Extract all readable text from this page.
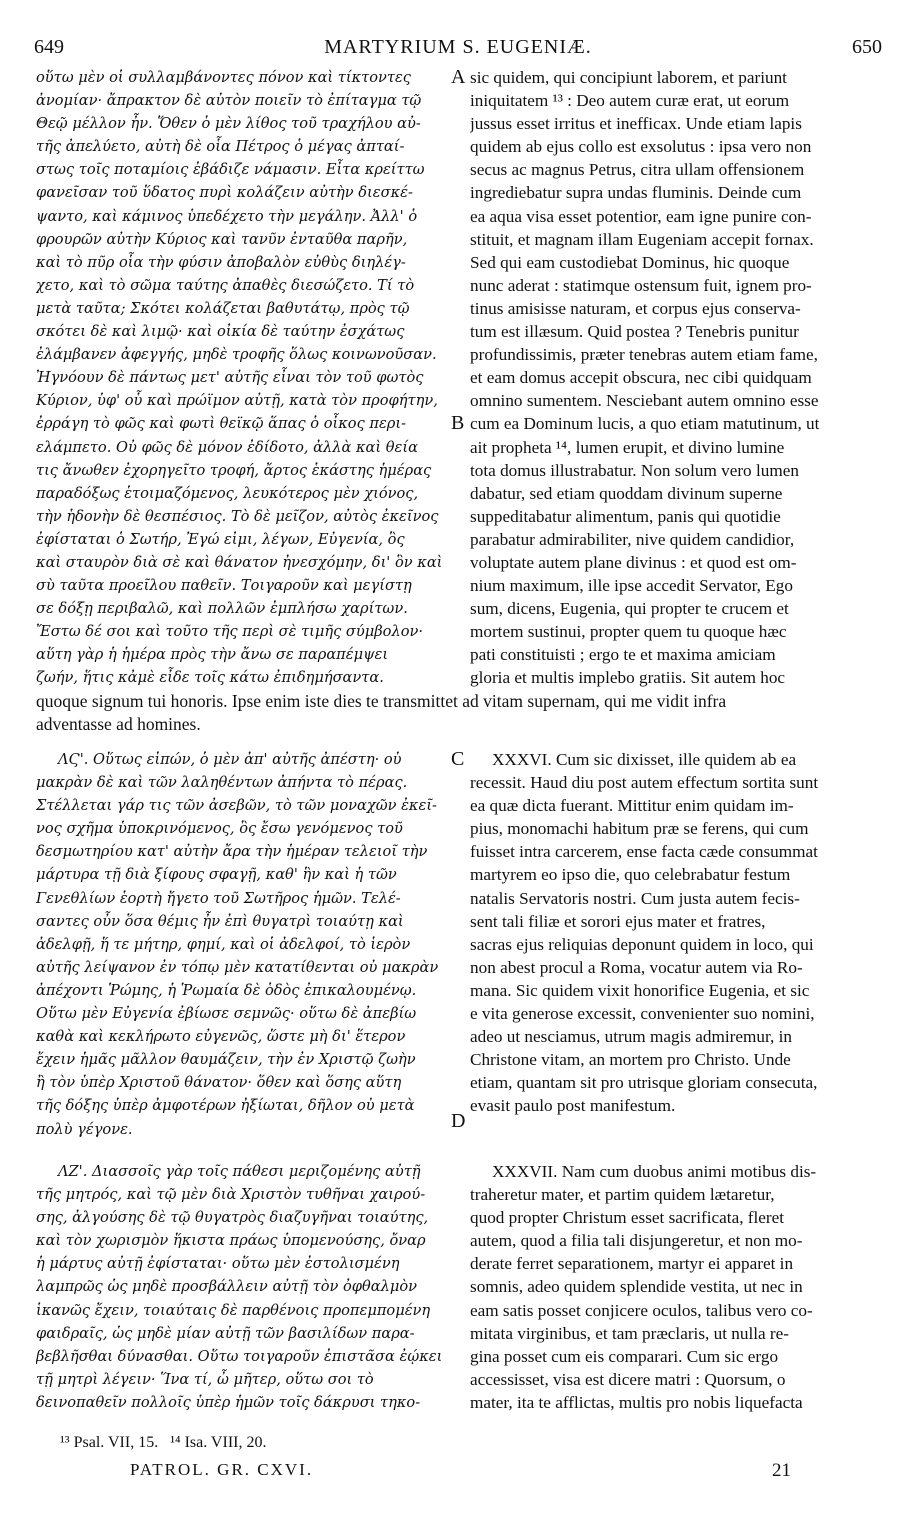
649	MARTYRIUM S. EUGENIÆ.	650
οὕτω μὲν οἱ συλλαμβάνοντες πόνον καὶ τίκτοντες
ἀνομίαν· ἄπρακτον δὲ αὐτὸν ποιεῖν τὸ ἐπίταγμα τῷ
Θεῷ μέλλον ἦν. Ὅθεν ὁ μὲν λίθος τοῦ τραχήλου αὐ-
τῆς ἀπελύετο, αὐτὴ δὲ οἷα Πέτρος ὁ μέγας ἀπταί-
στως τοῖς ποταμίοις ἐβάδιζε νάμασιν. Εἶτα κρείττω
φανεῖσαν τοῦ ὕδατος πυρὶ κολάζειν αὐτὴν διεσκέ-
ψαντο, καὶ κάμινος ὑπεδέχετο τὴν μεγάλην. Ἀλλ' ὁ
φρουρῶν αὐτὴν Κύριος καὶ τανῦν ἐνταῦθα παρῆν,
καὶ τὸ πῦρ οἷα τὴν φύσιν ἀποβαλὸν εὐθὺς διηλέγ-
χετο, καὶ τὸ σῶμα ταύτης ἀπαθὲς διεσώζετο. Τί τὸ
μετὰ ταῦτα; Σκότει κολάζεται βαθυτάτῳ, πρὸς τῷ
σκότει δὲ καὶ λιμῷ· καὶ οἰκία δὲ ταύτην ἐσχάτως
ἐλάμβανεν ἀφεγγής, μηδὲ τροφῆς ὅλως κοινωνοῦσαν.
Ἠγνόουν δὲ πάντως μετ' αὐτῆς εἶναι τὸν τοῦ φωτὸς
Κύριον, ὑφ' οὗ καὶ πρώϊμον αὐτῇ, κατὰ τὸν προφήτην,
ἐρράγη τὸ φῶς καὶ φωτὶ θεϊκῷ ἅπας ὁ οἶκος περι-
ελάμπετο. Οὐ φῶς δὲ μόνον ἐδίδοτο, ἀλλὰ καὶ θεία
τις ἄνωθεν ἐχορηγεῖτο τροφή, ἄρτος ἑκάστης ἡμέρας
παραδόξως ἑτοιμαζόμενος, λευκότερος μὲν χιόνος,
τὴν ἡδονὴν δὲ θεσπέσιος. Τὸ δὲ μεῖζον, αὐτὸς ἐκεῖνος
ἐφίσταται ὁ Σωτήρ, Ἐγώ εἰμι, λέγων, Εὐγενία, ὃς
καὶ σταυρὸν διὰ σὲ καὶ θάνατον ἠνεσχόμην, δι' ὃν καὶ
σὺ ταῦτα προεῖλου παθεῖν. Τοιγαροῦν καὶ μεγίστῃ
σε δόξῃ περιβαλῶ, καὶ πολλῶν ἐμπλήσω χαρίτων.
Ἔστω δέ σοι καὶ τοῦτο τῆς περὶ σὲ τιμῆς σύμβολον·
αὕτη γὰρ ἡ ἡμέρα πρὸς τὴν ἄνω σε παραπέμψει
ζωήν, ἥτις κἀμὲ εἶδε τοῖς κάτω ἐπιδημήσαντα.
sic quidem, qui concipiunt laborem, et pariunt
iniquitatem ¹³ : Deo autem curæ erat, ut eorum
jussus esset irritus et inefficax. Unde etiam lapis
quidem ab ejus collo est exsolutus : ipsa vero non
secus ac magnus Petrus, citra ullam offensionem
ingrediebatur supra undas fluminis. Deinde cum
ea aqua visa esset potentior, eam igne punire con-
stituit, et magnam illam Eugeniam accepit fornax.
Sed qui eam custodiebat Dominus, hic quoque
nunc aderat : statimque ostensum fuit, ignem pro-
tinus amisisse naturam, et corpus ejus conserva-
tum est illæsum. Quid postea ? Tenebris punitur
profundissimis, præter tenebras autem etiam fame,
et eam domus accepit obscura, nec cibi quidquam
omnino sumentem. Nesciebant autem omnino esse
cum ea Dominum lucis, a quo etiam matutinum, ut
ait propheta ¹⁴, lumen erupit, et divino lumine
tota domus illustrabatur. Non solum vero lumen
dabatur, sed etiam quoddam divinum superne
suppeditabatur alimentum, panis qui quotidie
parabatur admirabiliter, nive quidem candidior,
voluptate autem plane divinus : et quod est om-
nium maximum, ille ipse accedit Servator, Ego
sum, dicens, Eugenia, qui propter te crucem et
mortem sustinui, propter quem tu quoque hæc
pati constituisti ; ergo te et maxima amiciam
gloria et multis implebo gratiis. Sit autem hoc
quoque signum tui honoris. Ipse enim iste dies te transmittet ad vitam supernam, qui me vidit infra
adventasse ad homines.
ΛϚ'. Οὕτως εἰπών, ὁ μὲν ἀπ' αὐτῆς ἀπέστη· οὐ
μακρὰν δὲ καὶ τῶν λαληθέντων ἀπήντα τὸ πέρας.
Στέλλεται γάρ τις τῶν ἀσεβῶν, τὸ τῶν μοναχῶν ἐκεῖ-
νος σχῆμα ὑποκρινόμενος, ὃς ἔσω γενόμενος τοῦ
δεσμωτηρίου κατ' αὐτὴν ἄρα τὴν ἡμέραν τελειοῖ τὴν
μάρτυρα τῇ διὰ ξίφους σφαγῇ, καθ' ἣν καὶ ἡ τῶν
Γενεθλίων ἑορτὴ ἤγετο τοῦ Σωτῆρος ἡμῶν. Τελέ-
σαντες οὖν ὅσα θέμις ἦν ἐπὶ θυγατρὶ τοιαύτῃ καὶ
ἀδελφῇ, ἥ τε μήτηρ, φημί, καὶ οἱ ἀδελφοί, τὸ ἱερὸν
αὐτῆς λείψανον ἐν τόπῳ μὲν κατατίθενται οὐ μακρὰν
ἀπέχοντι Ῥώμης, ἡ Ῥωμαία δὲ ὁδὸς ἐπικαλουμένῳ.
Οὕτω μὲν Εὐγενία ἐβίωσε σεμνῶς· οὕτω δὲ ἀπεβίω
καθὰ καὶ κεκλήρωτο εὐγενῶς, ὥστε μὴ δι' ἕτερον
ἔχειν ἡμᾶς μᾶλλον θαυμάζειν, τὴν ἐν Χριστῷ ζωὴν
ἢ τὸν ὑπὲρ Χριστοῦ θάνατον· ὅθεν καὶ ὅσης αὕτη
τῆς δόξης ὑπὲρ ἀμφοτέρων ἠξίωται, δῆλον οὐ μετὰ
πολὺ γέγονε.
XXXVI. Cum sic dixisset, ille quidem ab ea
recessit. Haud diu post autem effectum sortita sunt
ea quæ dicta fuerant. Mittitur enim quidam im-
pius, monomachi habitum præ se ferens, qui cum
fuisset intra carcerem, ense facta cæde consummat
martyrem eo ipso die, quo celebrabatur festum
natalis Servatoris nostri. Cum justa autem fecis-
sent tali filiæ et sorori ejus mater et fratres,
sacras ejus reliquias deponunt quidem in loco, qui
non abest procul a Roma, vocatur autem via Ro-
mana. Sic quidem vixit honorifice Eugenia, et sic
e vita generose excessit, convenienter suo nomini,
adeo ut nesciamus, utrum magis admiremur, in
Christone vitam, an mortem pro Christo. Unde
etiam, quantam sit pro utrisque gloriam consecuta,
evasit paulo post manifestum.
ΛΖ'. Διασσοῖς γὰρ τοῖς πάθεσι μεριζομένης αὐτῇ
τῆς μητρός, καὶ τῷ μὲν διὰ Χριστὸν τυθῆναι χαιρού-
σης, ἀλγούσης δὲ τῷ θυγατρὸς διαζυγῆναι τοιαύτης,
καὶ τὸν χωρισμὸν ἥκιστα πράως ὑπομενούσης, ὄναρ
ἡ μάρτυς αὐτῇ ἐφίσταται· οὕτω μὲν ἐστολισμένη
λαμπρῶς ὡς μηδὲ προσβάλλειν αὐτῇ τὸν ὀφθαλμὸν
ἱκανῶς ἔχειν, τοιαύταις δὲ παρθένοις προπεμπομένη
φαιδραῖς, ὡς μηδὲ μίαν αὐτῇ τῶν βασιλίδων παρα-
βεβλῆσθαι δύνασθαι. Οὕτω τοιγαροῦν ἐπιστᾶσα ἐῴκει
τῇ μητρὶ λέγειν· Ἵνα τί, ὦ μῆτερ, οὕτω σοι τὸ
δεινοπαθεῖν πολλοῖς ὑπὲρ ἡμῶν τοῖς δάκρυσι τηκο-
XXXVII. Nam cum duobus animi motibus dis-
traheretur mater, et partim quidem lætaretur,
quod propter Christum esset sacrificata, fleret
autem, quod a filia tali disjungeretur, et non mo-
derate ferret separationem, martyr ei apparet in
somnis, adeo quidem splendide vestita, ut nec in
eam satis posset conjicere oculos, talibus vero co-
mitata virginibus, et tam præclaris, ut nulla re-
gina posset cum eis comparari. Cum sic ergo
accessisset, visa est dicere matri : Quorsum, o
mater, ita te afflictas, multis pro nobis liquefacta
A
B
C
D
¹³ Psal. VII, 15.   ¹⁴ Isa. VIII, 20.
PATROL. GR. CXVI.	21
